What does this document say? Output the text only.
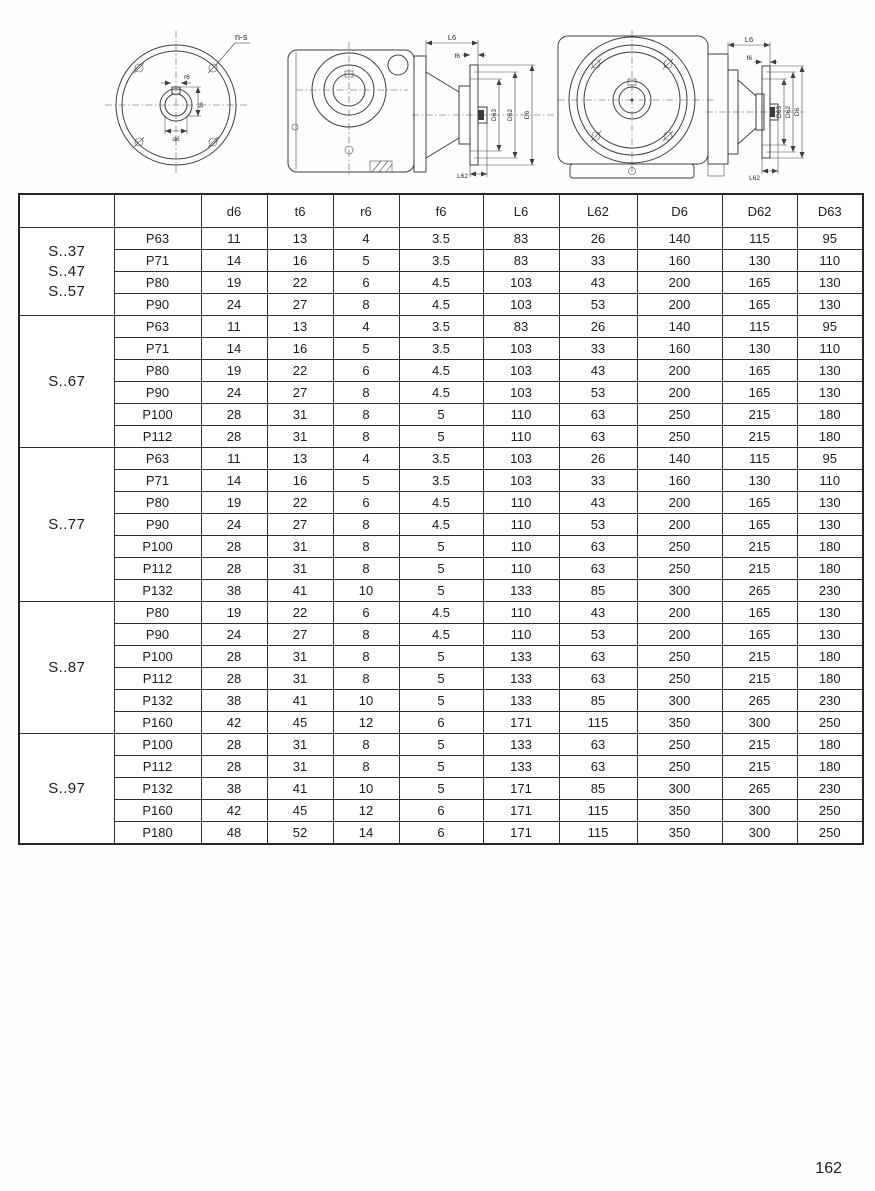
n-s
r6
t6
d6
L6
f6
D63 D62 D6
L62
L6
f6
D63 D62 D6
L62
		d6	t6	r6	f6	L6	L62	D6	D62	D63

S..37
S..47
S..57	P63	11	13	4	3.5	83	26	140	115	95
	P71	14	16	5	3.5	83	33	160	130	110
	P80	19	22	6	4.5	103	43	200	165	130
	P90	24	27	8	4.5	103	53	200	165	130

S..67	P63	11	13	4	3.5	83	26	140	115	95
	P71	14	16	5	3.5	103	33	160	130	110
	P80	19	22	6	4.5	103	43	200	165	130
	P90	24	27	8	4.5	103	53	200	165	130
	P100	28	31	8	5	110	63	250	215	180
	P112	28	31	8	5	110	63	250	215	180

S..77	P63	11	13	4	3.5	103	26	140	115	95
	P71	14	16	5	3.5	103	33	160	130	110
	P80	19	22	6	4.5	110	43	200	165	130
	P90	24	27	8	4.5	110	53	200	165	130
	P100	28	31	8	5	110	63	250	215	180
	P112	28	31	8	5	110	63	250	215	180
	P132	38	41	10	5	133	85	300	265	230

S..87	P80	19	22	6	4.5	110	43	200	165	130
	P90	24	27	8	4.5	110	53	200	165	130
	P100	28	31	8	5	133	63	250	215	180
	P112	28	31	8	5	133	63	250	215	180
	P132	38	41	10	5	133	85	300	265	230
	P160	42	45	12	6	171	115	350	300	250

S..97	P100	28	31	8	5	133	63	250	215	180
	P112	28	31	8	5	133	63	250	215	180
	P132	38	41	10	5	171	85	300	265	230
	P160	42	45	12	6	171	115	350	300	250
	P180	48	52	14	6	171	115	350	300	250
162
